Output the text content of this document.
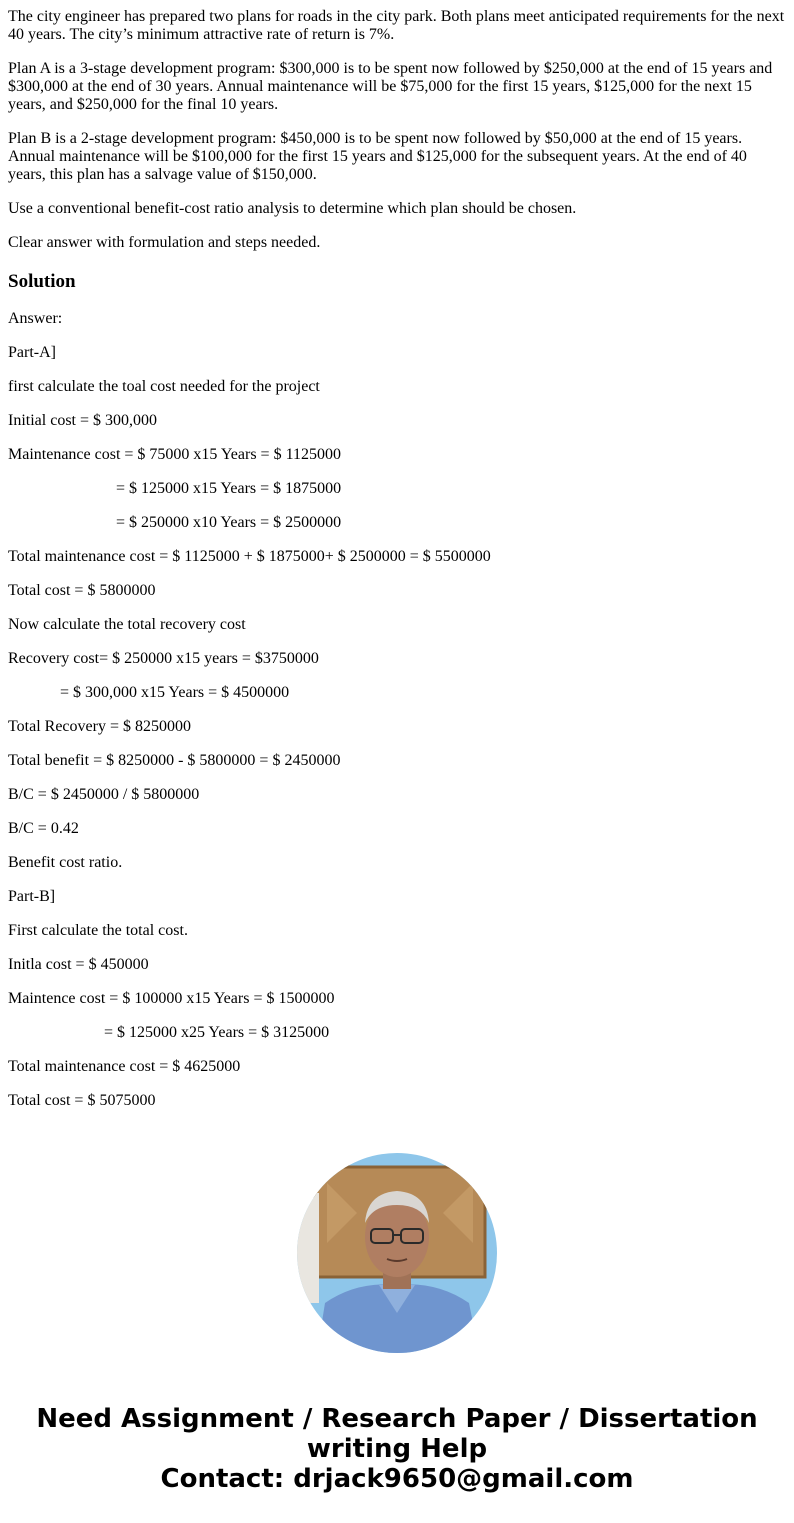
The city engineer has prepared two plans for roads in the city park. Both plans meet anticipated requirements for the next 40 years. The city’s minimum attractive rate of return is 7%.

Plan A is a 3-stage development program: $300,000 is to be spent now followed by $250,000 at the end of 15 years and $300,000 at the end of 30 years. Annual maintenance will be $75,000 for the first 15 years, $125,000 for the next 15 years, and $250,000 for the final 10 years.

Plan B is a 2-stage development program: $450,000 is to be spent now followed by $50,000 at the end of 15 years. Annual maintenance will be $100,000 for the first 15 years and $125,000 for the subsequent years. At the end of 40 years, this plan has a salvage value of $150,000.

Use a conventional benefit-cost ratio analysis to determine which plan should be chosen.

Clear answer with formulation and steps needed.

Solution

Answer:

Part-A]

first calculate the toal cost needed for the project

Initial cost = $ 300,000

Maintenance cost = $ 75000 x15 Years = $ 1125000

= $ 125000 x15 Years = $ 1875000

= $ 250000 x10 Years = $ 2500000

Total maintenance cost = $ 1125000 + $ 1875000+ $ 2500000 = $ 5500000

Total cost = $ 5800000

Now calculate the total recovery cost

Recovery cost= $ 250000 x15 years = $3750000

= $ 300,000 x15 Years = $ 4500000

Total Recovery = $ 8250000

Total benefit = $ 8250000 - $ 5800000 = $ 2450000

B/C = $ 2450000 / $ 5800000

B/C = 0.42

Benefit cost ratio.

Part-B]

First calculate the total cost.

Initla cost = $ 450000

Maintence cost = $ 100000 x15 Years = $ 1500000

= $ 125000 x25 Years = $ 3125000

Total maintenance cost = $ 4625000

Total cost = $ 5075000

Need Assignment / Research Paper / Dissertation
writing Help
Contact: drjack9650@gmail.com
